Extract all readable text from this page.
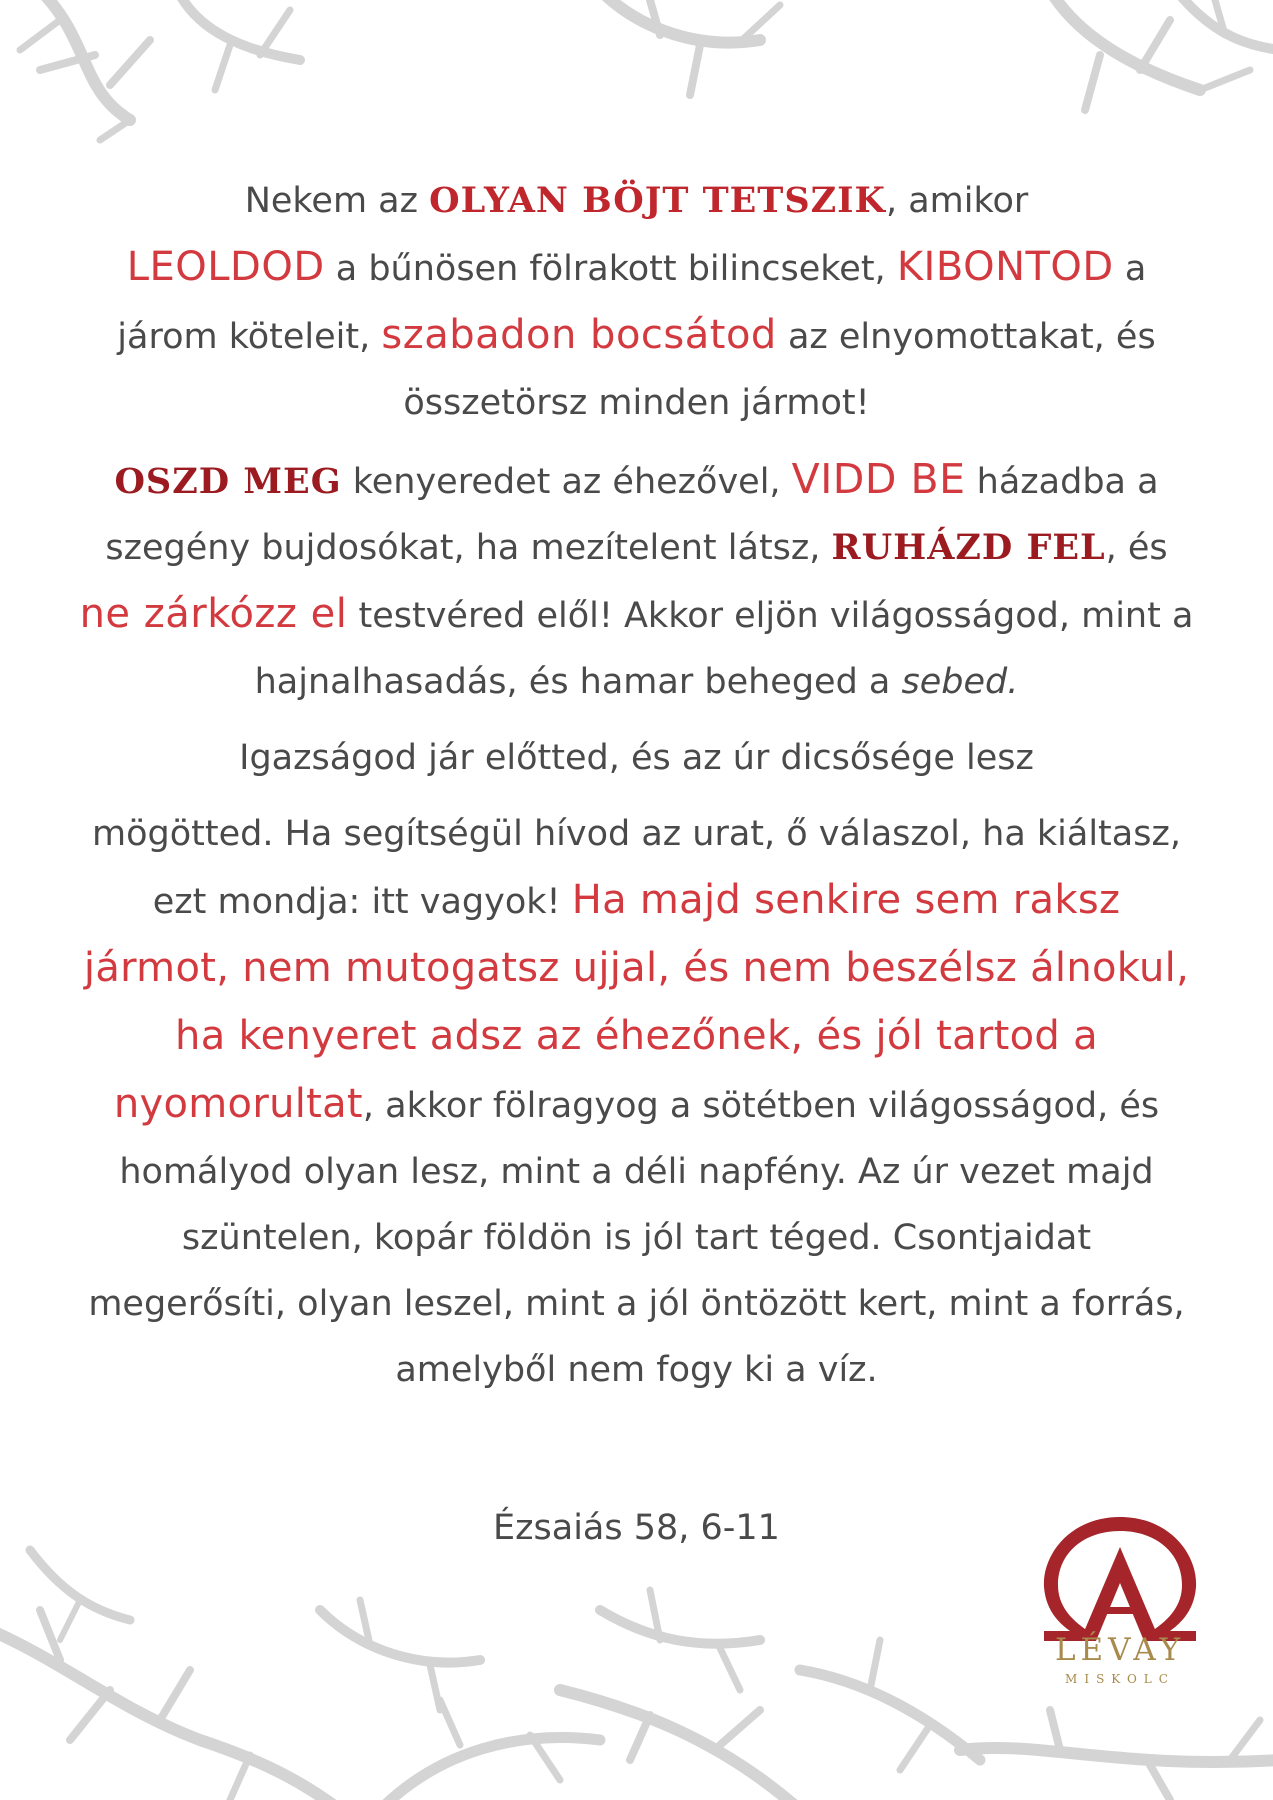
Nekem az OLYAN BÖJT TETSZIK, amikor
LEOLDOD a bűnösen fölrakott bilincseket, KIBONTOD a járom köteleit, szabadon bocsátod az elnyomottakat, és összetörsz minden jármot!

OSZD MEG kenyeredet az éhezővel, VIDD BE házadba a szegény bujdosókat, ha mezítelent látsz, RUHÁZD FEL, és
ne zárkózz el testvéred elől! Akkor eljön világosságod, mint a hajnalhasadás, és hamar beheged a sebed.

Igazságod jár előtted, és az úr dicsősége lesz

mögötted. Ha segítségül hívod az urat, ő válaszol, ha kiáltasz, ezt mondja: itt vagyok! Ha majd senkire sem raksz jármot, nem mutogatsz ujjal, és nem beszélsz álnokul, ha kenyeret adsz az éhezőnek, és jól tartod a nyomorultat, akkor fölragyog a sötétben világosságod, és homályod olyan lesz, mint a déli napfény. Az úr vezet majd szüntelen, kopár földön is jól tart téged. Csontjaidat megerősíti, olyan leszel, mint a jól öntözött kert, mint a forrás, amelyből nem fogy ki a víz.

Ézsaiás 58, 6-11
LÉVAY
MISKOLC
